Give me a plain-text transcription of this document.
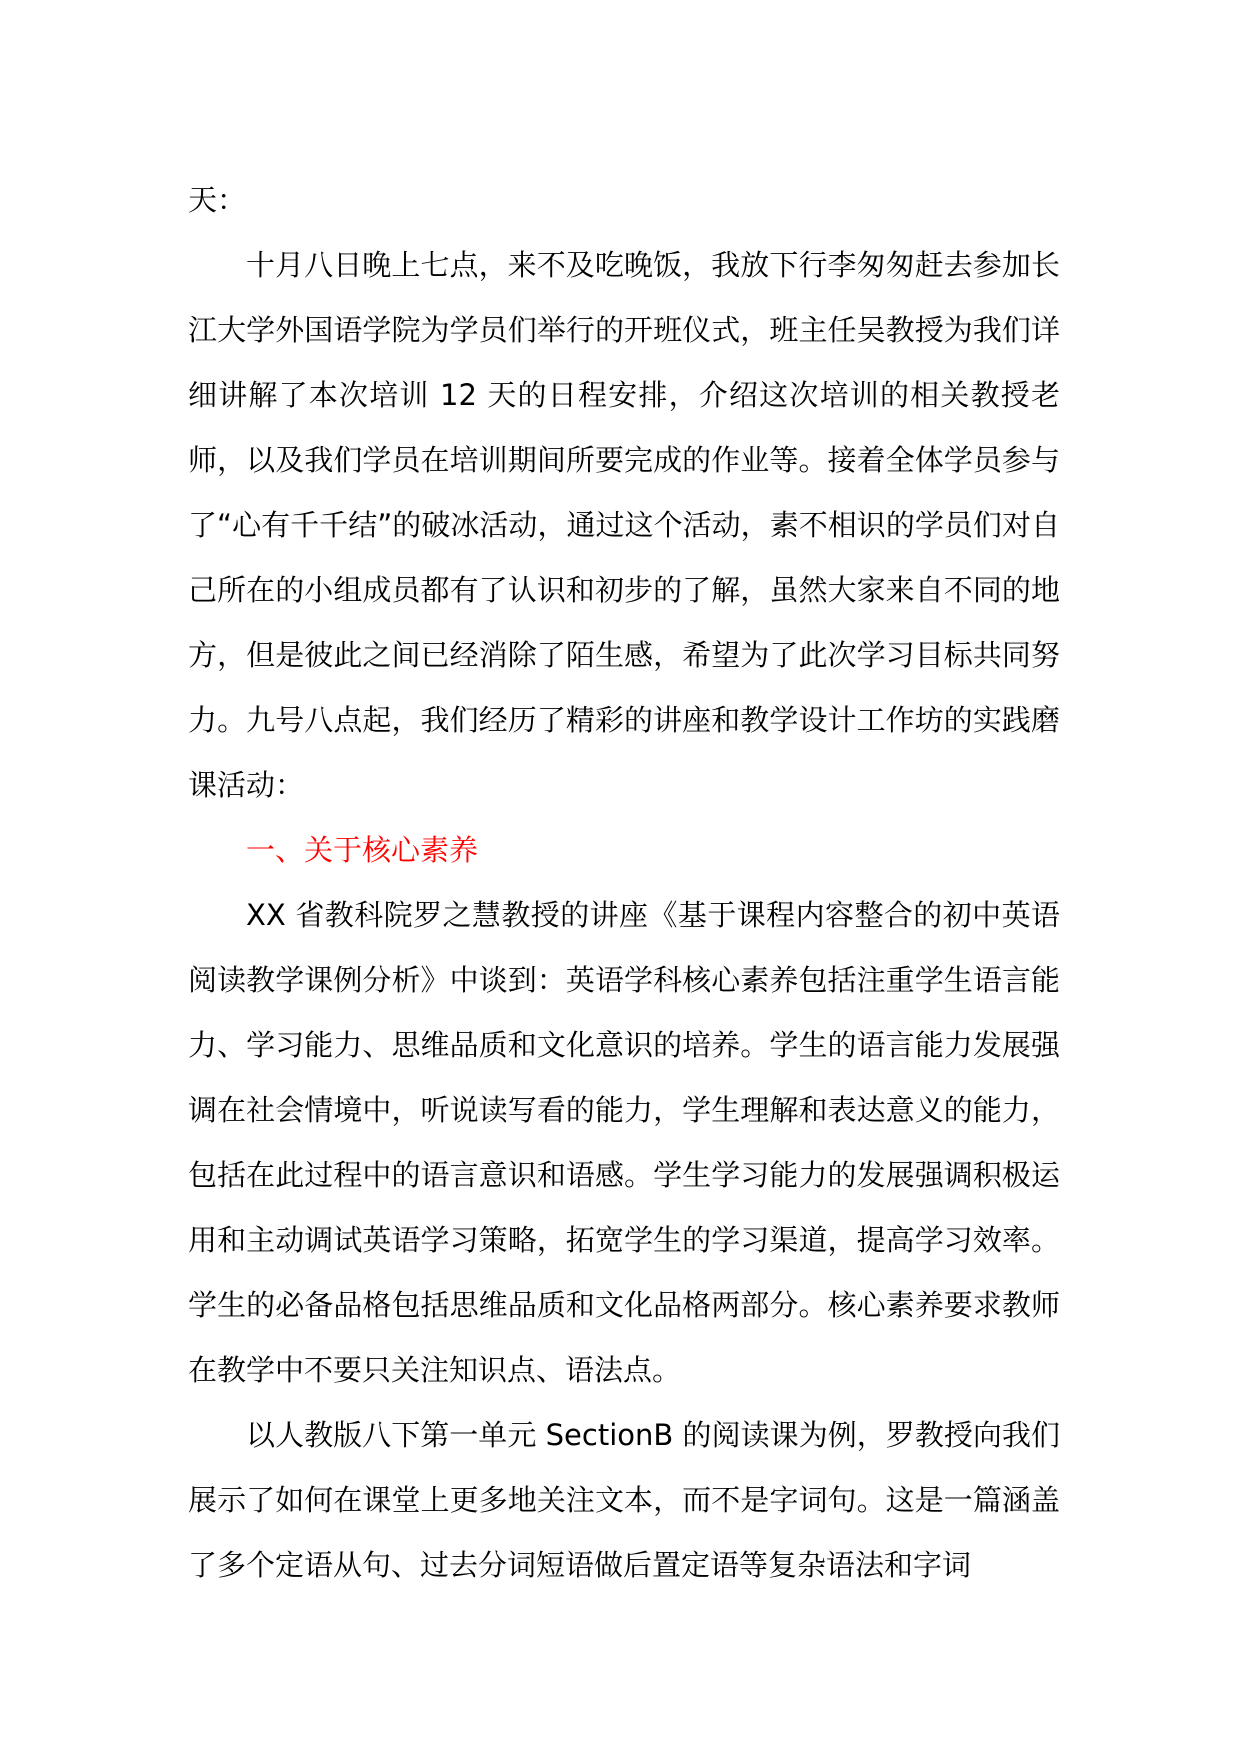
天：

十月八日晚上七点，来不及吃晚饭，我放下行李匆匆赶去参加长江大学外国语学院为学员们举行的开班仪式，班主任吴教授为我们详细讲解了本次培训 12 天的日程安排，介绍这次培训的相关教授老师，以及我们学员在培训期间所要完成的作业等。接着全体学员参与了“心有千千结”的破冰活动，通过这个活动，素不相识的学员们对自己所在的小组成员都有了认识和初步的了解，虽然大家来自不同的地方，但是彼此之间已经消除了陌生感，希望为了此次学习目标共同努力。九号八点起，我们经历了精彩的讲座和教学设计工作坊的实践磨课活动：

一、关于核心素养

XX 省教科院罗之慧教授的讲座《基于课程内容整合的初中英语阅读教学课例分析》中谈到：英语学科核心素养包括注重学生语言能力、学习能力、思维品质和文化意识的培养。学生的语言能力发展强调在社会情境中，听说读写看的能力，学生理解和表达意义的能力，包括在此过程中的语言意识和语感。学生学习能力的发展强调积极运用和主动调试英语学习策略，拓宽学生的学习渠道，提高学习效率。学生的必备品格包括思维品质和文化品格两部分。核心素养要求教师在教学中不要只关注知识点、语法点。

以人教版八下第一单元 SectionB 的阅读课为例，罗教授向我们展示了如何在课堂上更多地关注文本，而不是字词句。这是一篇涵盖了多个定语从句、过去分词短语做后置定语等复杂语法和字词
